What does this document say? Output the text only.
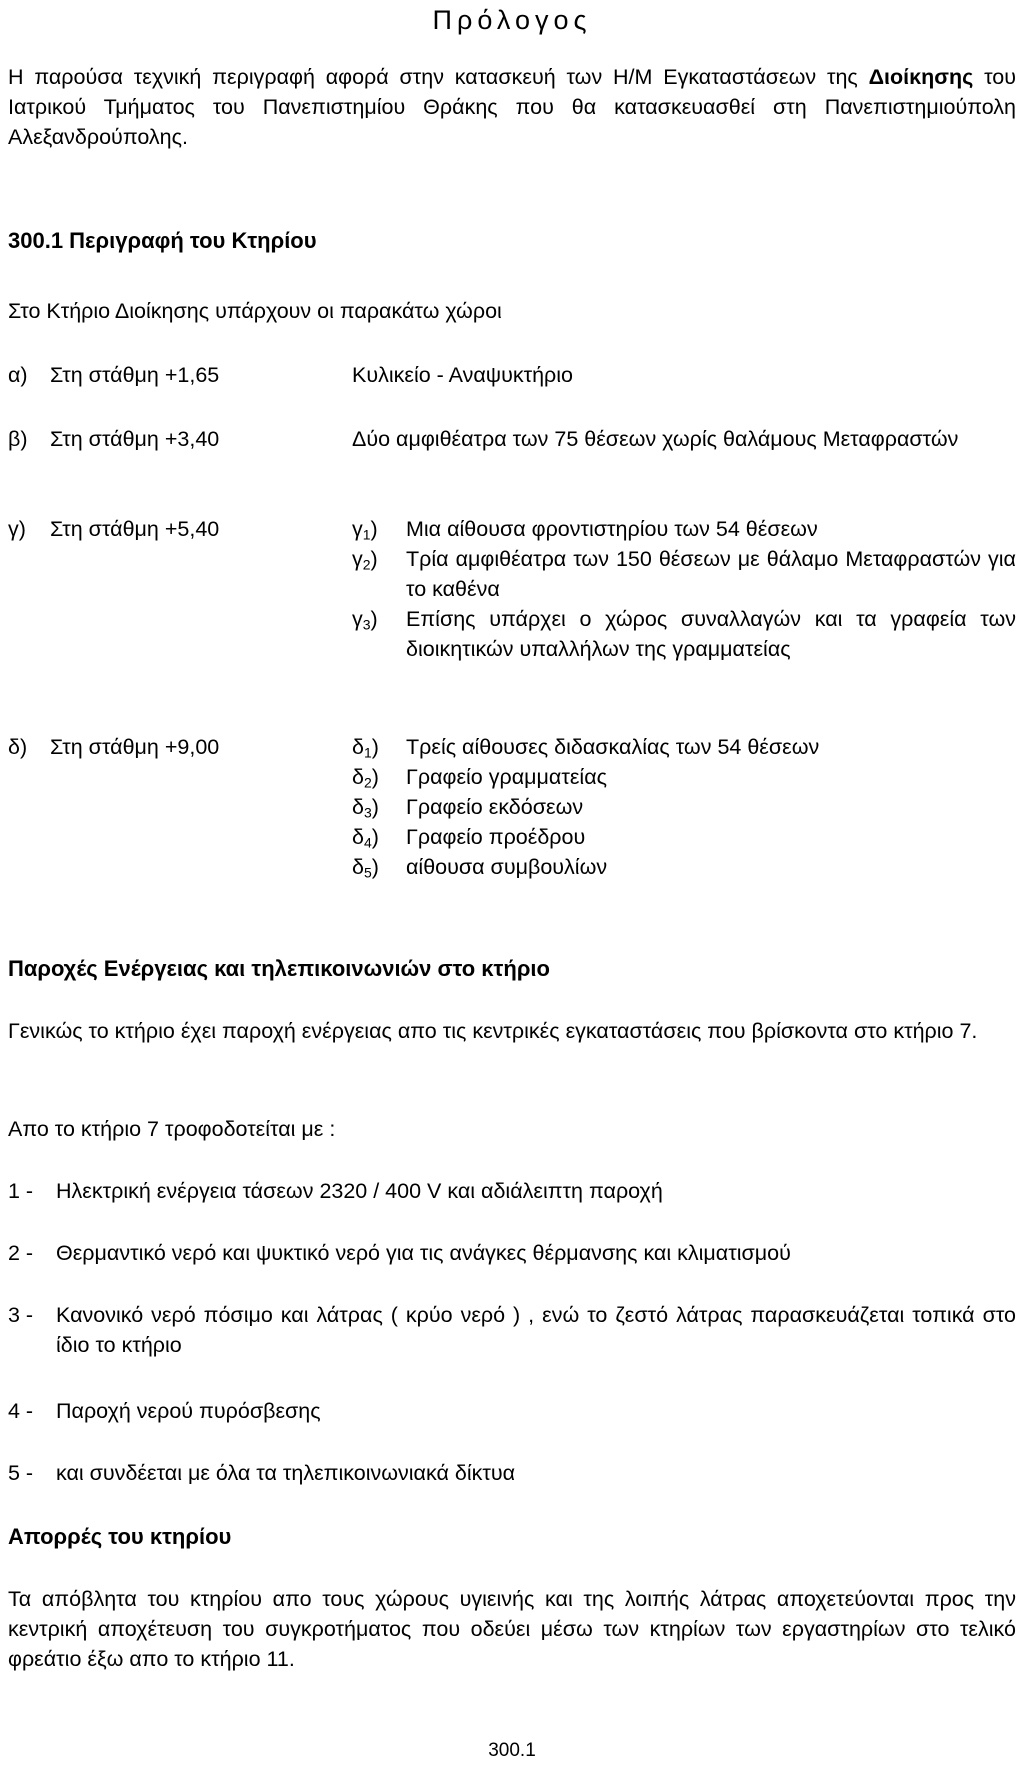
Πρόλογος

Η παρούσα τεχνική περιγραφή αφορά στην κατασκευή των Η/Μ Εγκαταστάσεων της Διοίκησης του Ιατρικού Τμήματος του Πανεπιστημίου Θράκης που θα κατασκευασθεί στη Πανεπιστημιούπολη Αλεξανδρούπολης.

300.1 Περιγραφή του Κτηρίου

Στο Κτήριο Διοίκησης υπάρχουν οι παρακάτω χώροι

α) Στη στάθμη +1,65	Κυλικείο - Αναψυκτήριο
β) Στη στάθμη +3,40	Δύο αμφιθέατρα των 75 θέσεων χωρίς θαλάμους Μεταφραστών
γ) Στη στάθμη +5,40	$\gamma_1$) Μια αίθουσα φροντιστηρίου των 54 θέσεων
$\gamma_2$) Τρία αμφιθέατρα των 150 θέσεων με θάλαμο Μεταφραστών για το καθένα
$\gamma_3$) Επίσης υπάρχει ο χώρος συναλλαγών και τα γραφεία των διοικητικών υπαλλήλων της γραμματείας
δ) Στη στάθμη +9,00	$\delta_1$) Τρείς αίθουσες διδασκαλίας των 54 θέσεων
$\delta_2$) Γραφείο γραμματείας
$\delta_3$) Γραφείο εκδόσεων
$\delta_4$) Γραφείο προέδρου
$\delta_5$) αίθουσα συμβουλίων

Παροχές Ενέργειας και τηλεπικοινωνιών στο κτήριο

Γενικώς το κτήριο έχει παροχή ενέργειας απο τις κεντρικές εγκαταστάσεις που βρίσκοντα στο κτήριο 7.

Απο το κτήριο 7 τροφοδοτείται με :

1 - Ηλεκτρική ενέργεια τάσεων 2320 / 400 V και αδιάλειπτη παροχή
2 - Θερμαντικό νερό και ψυκτικό νερό για τις ανάγκες θέρμανσης και κλιματισμού
3 - Κανονικό νερό πόσιμο και λάτρας ( κρύο νερό ) , ενώ το ζεστό λάτρας παρασκευάζεται τοπικά στο ίδιο το κτήριο
4 - Παροχή νερού πυρόσβεσης
5 - και συνδέεται με όλα τα τηλεπικοινωνιακά δίκτυα

Απορρές του κτηρίου

Τα απόβλητα του κτηρίου απο τους χώρους υγιεινής και της λοιπής λάτρας αποχετεύονται προς την κεντρική αποχέτευση του συγκροτήματος που οδεύει μέσω των κτηρίων των εργαστηρίων στο τελικό φρεάτιο έξω απο το κτήριο 11.

300.1
